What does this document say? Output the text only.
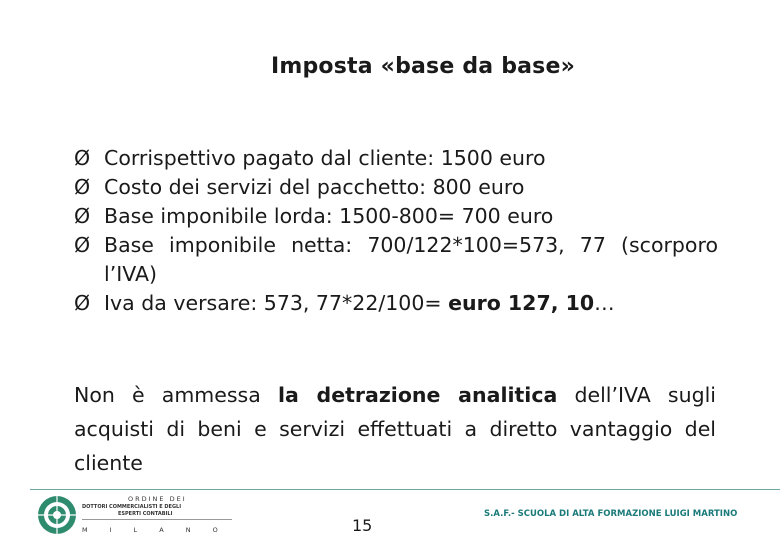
Imposta «base da base»
Ø Corrispettivo pagato dal cliente: 1500 euro
Ø Costo dei servizi del pacchetto: 800 euro
Ø Base imponibile lorda: 1500-800= 700 euro
Ø Base imponibile netta: 700/122*100=573, 77 (scorporo l’IVA)
Ø Iva da versare: 573, 77*22/100= euro 127, 10…
Non è ammessa la detrazione analitica dell’IVA sugli acquisti di beni e servizi effettuati a diretto vantaggio del cliente
ORDINE DEI
DOTTORI COMMERCIALISTI E DEGLI
ESPERTI CONTABILI
MILANO	15
S.A.F.- SCUOLA DI ALTA FORMAZIONE LUIGI MARTINO
